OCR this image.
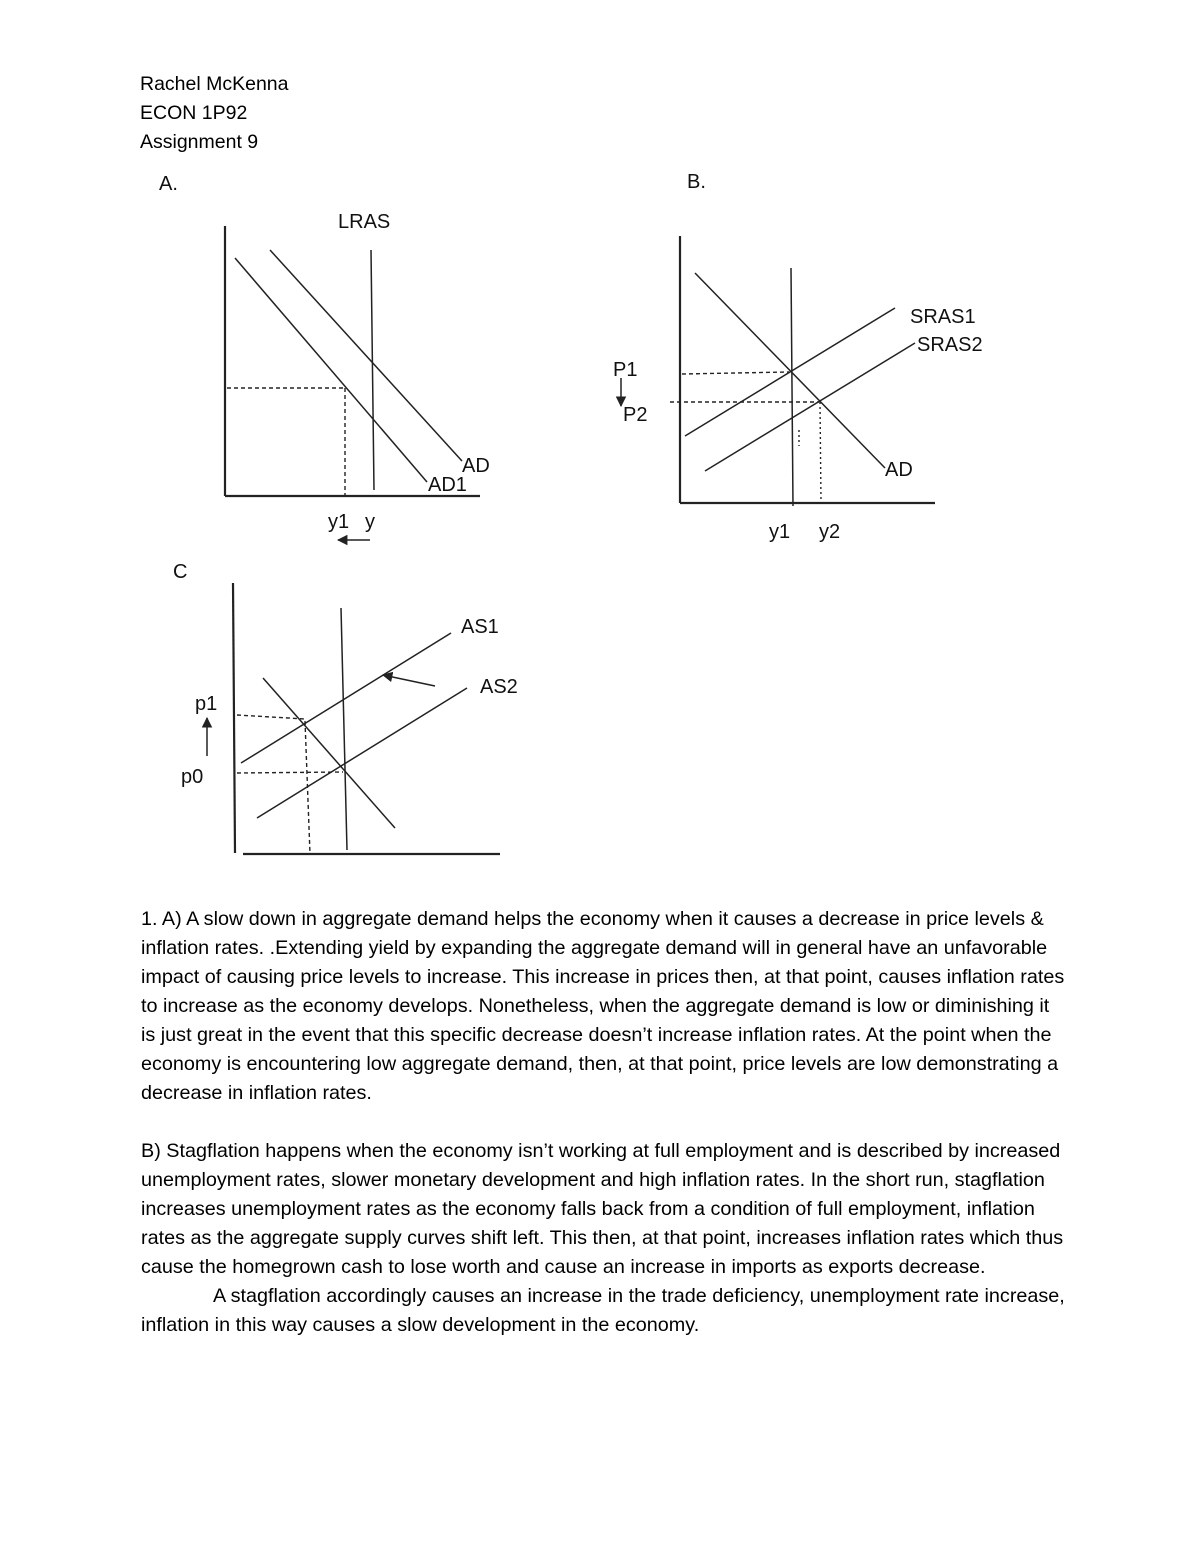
Rachel McKenna
ECON 1P92
Assignment 9
A.
LRAS
AD
AD1
y1 y
B.
SRAS1
SRAS2
AD
P1
P2
y1 y2
C
AS1
AS2
p1
p0

1. A) A slow down in aggregate demand helps the economy when it causes a decrease in price levels & inflation rates. .Extending yield by expanding the aggregate demand will in general have an unfavorable impact of causing price levels to increase. This increase in prices then, at that point, causes inflation rates to increase as the economy develops. Nonetheless, when the aggregate demand is low or diminishing it is just great in the event that this specific decrease doesn’t increase inflation rates. At the point when the economy is encountering low aggregate demand, then, at that point, price levels are low demonstrating a decrease in inflation rates.

B) Stagflation happens when the economy isn’t working at full employment and is described by increased unemployment rates, slower monetary development and high inflation rates. In the short run, stagflation increases unemployment rates as the economy falls back from a condition of full employment, inflation rates as the aggregate supply curves shift left. This then, at that point, increases inflation rates which thus cause the homegrown cash to lose worth and cause an increase in imports as exports decrease.

A stagflation accordingly causes an increase in the trade deficiency, unemployment rate increase, inflation in this way causes a slow development in the economy.
